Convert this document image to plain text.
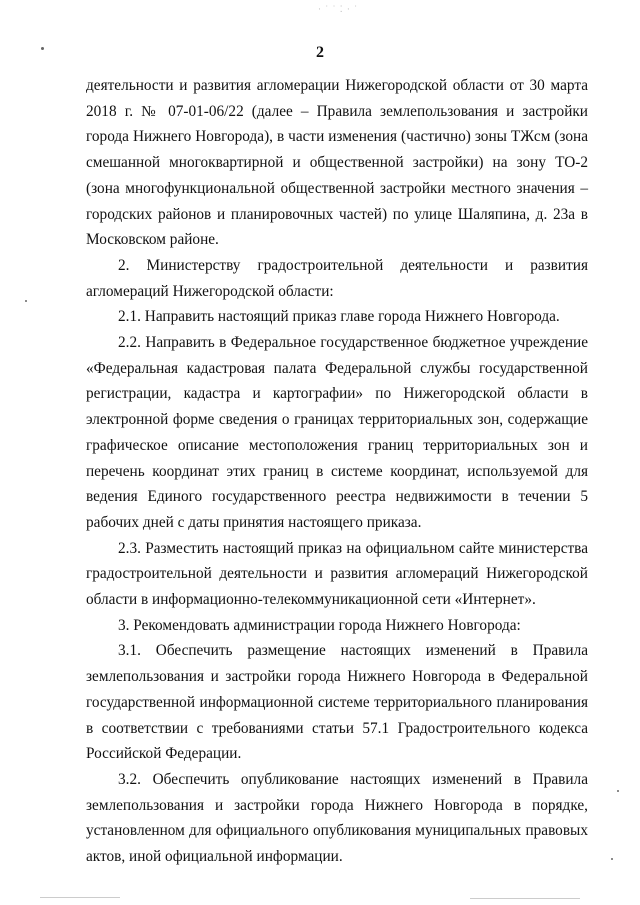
· ˙ ˙ ⁚ · ˙
2

деятельности и развития агломерации Нижегородской области от 30 марта 2018 г. № 07-01-06/22 (далее – Правила землепользования и застройки города Нижнего Новгорода), в части изменения (частично) зоны ТЖсм (зона смешанной многоквартирной и общественной застройки) на зону ТО-2 (зона многофункциональной общественной застройки местного значения – городских районов и планировочных частей) по улице Шаляпина, д. 23а в Московском районе.

2. Министерству градостроительной деятельности и развития агломераций Нижегородской области:

2.1. Направить настоящий приказ главе города Нижнего Новгорода.

2.2. Направить в Федеральное государственное бюджетное учреждение «Федеральная кадастровая палата Федеральной службы государственной регистрации, кадастра и картографии» по Нижегородской области в электронной форме сведения о границах территориальных зон, содержащие графическое описание местоположения границ территориальных зон и перечень координат этих границ в системе координат, используемой для ведения Единого государственного реестра недвижимости в течении 5 рабочих дней с даты принятия настоящего приказа.

2.3. Разместить настоящий приказ на официальном сайте министерства градостроительной деятельности и развития агломераций Нижегородской области в информационно-телекоммуникационной сети «Интернет».

3. Рекомендовать администрации города Нижнего Новгорода:

3.1. Обеспечить размещение настоящих изменений в Правила землепользования и застройки города Нижнего Новгорода в Федеральной государственной информационной системе территориального планирования в соответствии с требованиями статьи 57.1 Градостроительного кодекса Российской Федерации.

3.2. Обеспечить опубликование настоящих изменений в Правила землепользования и застройки города Нижнего Новгорода в порядке, установленном для официального опубликования муниципальных правовых актов, иной официальной информации.
